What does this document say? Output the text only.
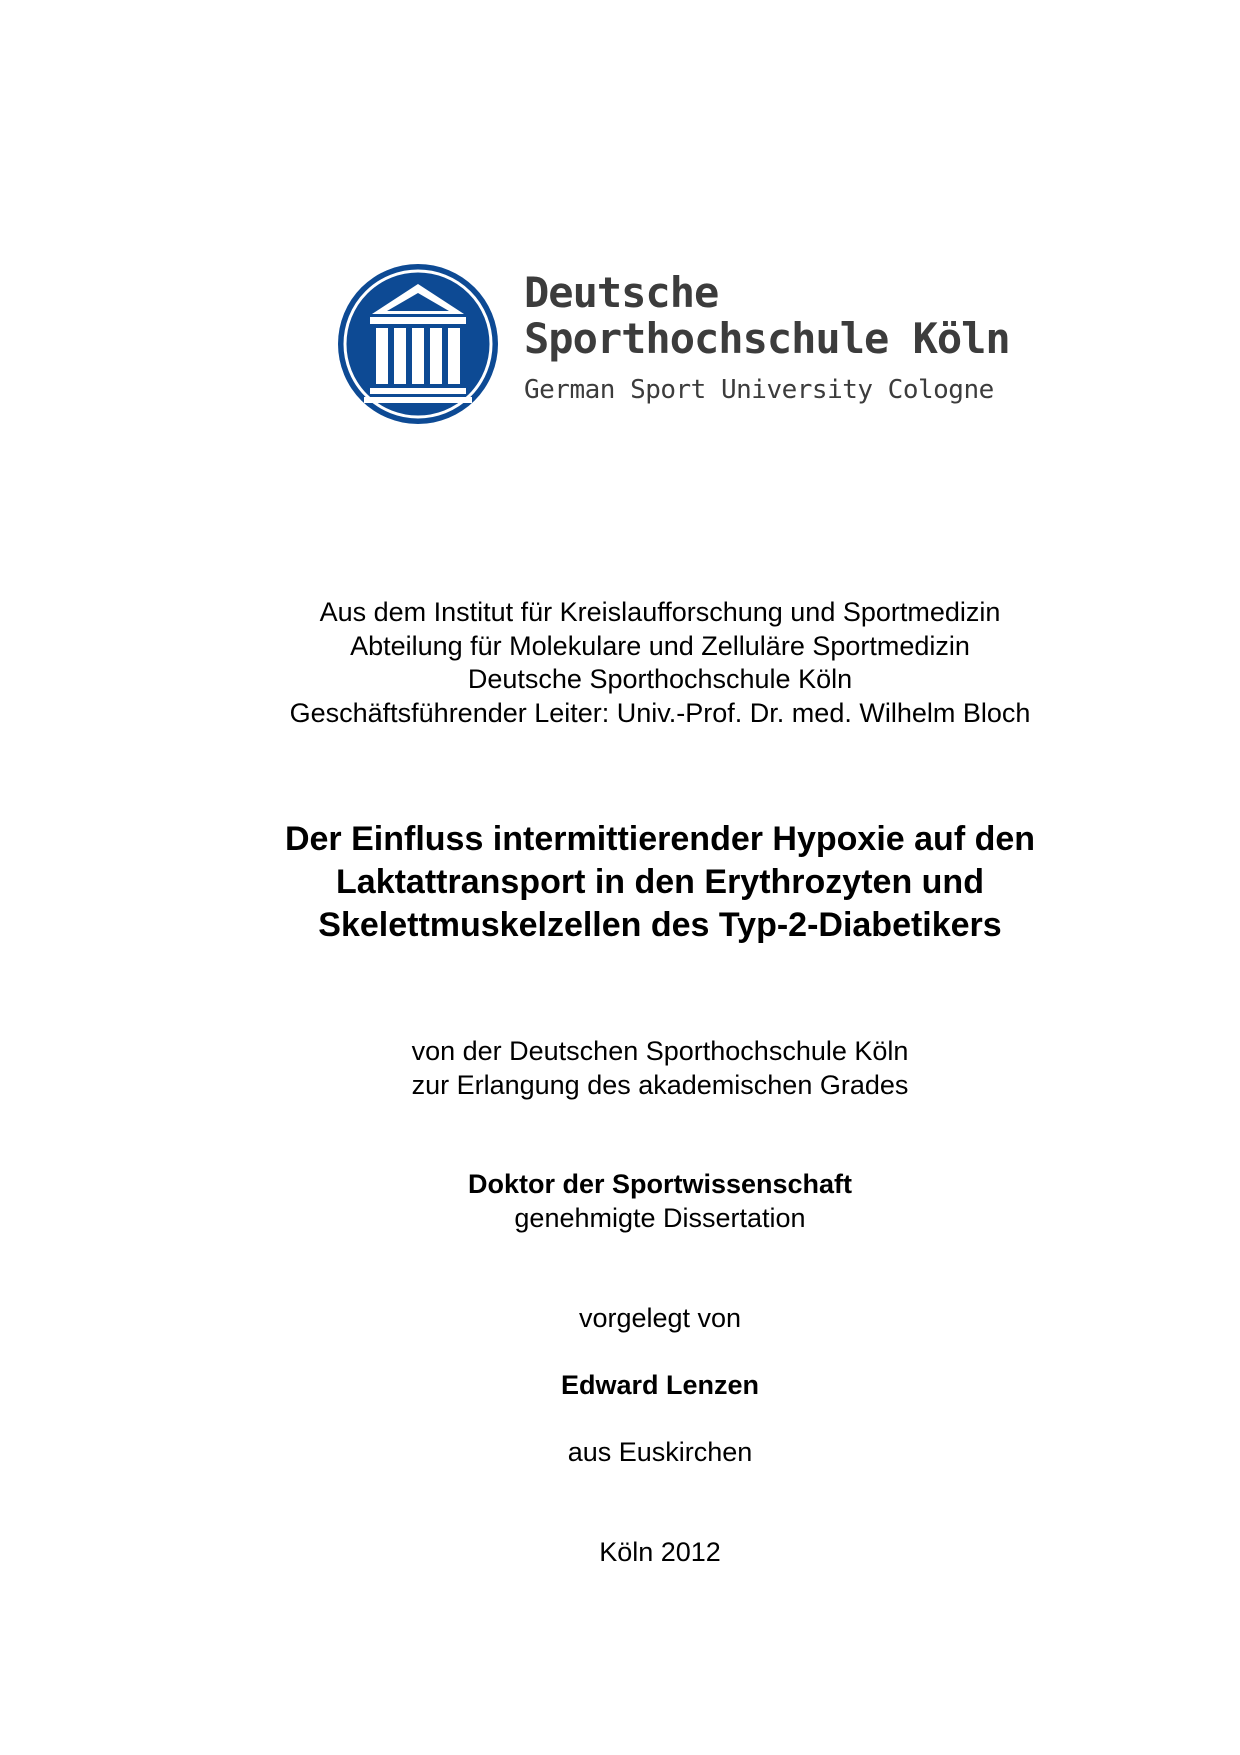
Deutsche
Sporthochschule Köln
German Sport University Cologne
Aus dem Institut für Kreislaufforschung und Sportmedizin
Abteilung für Molekulare und Zelluläre Sportmedizin
Deutsche Sporthochschule Köln
Geschäftsführender Leiter: Univ.-Prof. Dr. med. Wilhelm Bloch
Der Einfluss intermittierender Hypoxie auf den
Laktattransport in den Erythrozyten und
Skelettmuskelzellen des Typ-2-Diabetikers
von der Deutschen Sporthochschule Köln
zur Erlangung des akademischen Grades
Doktor der Sportwissenschaft
genehmigte Dissertation
vorgelegt von
Edward Lenzen
aus Euskirchen
Köln 2012
